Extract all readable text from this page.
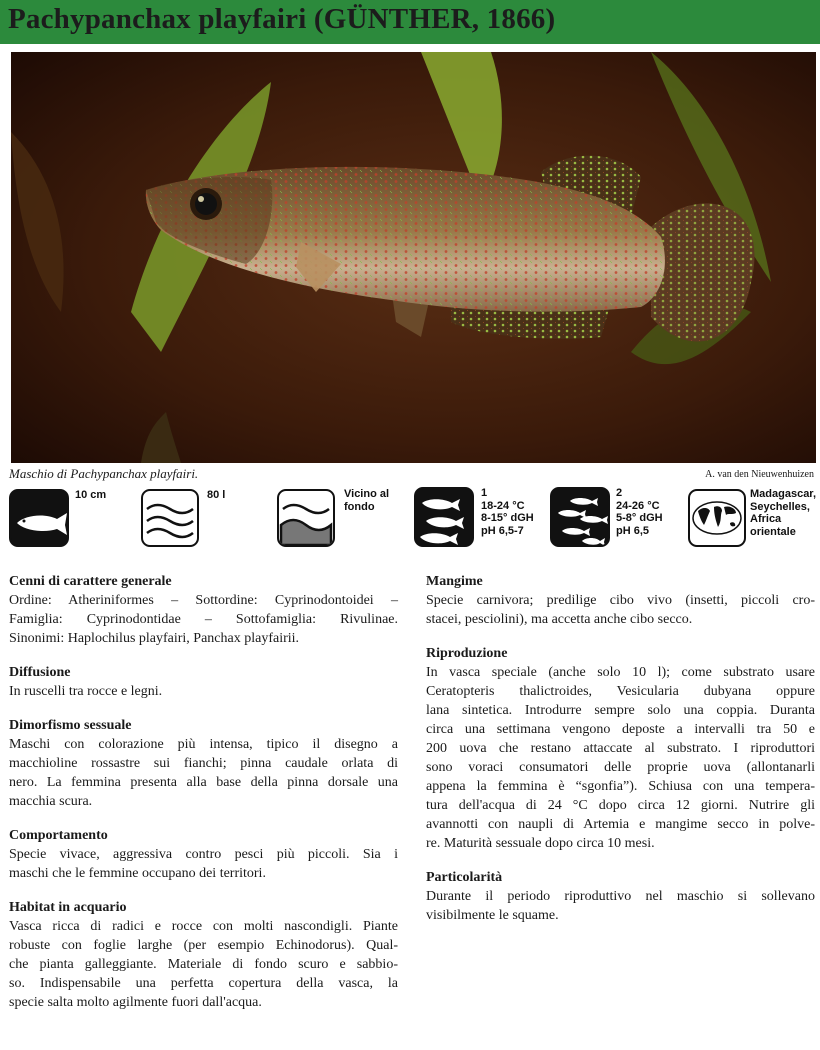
Pachypanchax playfairi (GÜNTHER, 1866)
Maschio di Pachypanchax playfairi.	A. van den Nieuwenhuizen
10 cm	80 l	Vicino al
fondo
1
18-24 °C
8-15° dGH
pH 6,5-7
2
24-26 °C
5-8° dGH
pH 6,5
Madagascar,
Seychelles,
Africa
orientale
Cenni di carattere generale

Ordine: Atheriniformes – Sottordine: Cyprinodontoidei –
Famiglia: Cyprinodontidae – Sottofamiglia: Rivulinae.
Sinonimi: Haplochilus playfairi, Panchax playfairii.

Diffusione

In ruscelli tra rocce e legni.

Dimorfismo sessuale

Maschi con colorazione più intensa, tipico il disegno a
macchioline rossastre sui fianchi; pinna caudale orlata di
nero. La femmina presenta alla base della pinna dorsale una
macchia scura.

Comportamento

Specie vivace, aggressiva contro pesci più piccoli. Sia i
maschi che le femmine occupano dei territori.

Habitat in acquario

Vasca ricca di radici e rocce con molti nascondigli. Piante
robuste con foglie larghe (per esempio Echinodorus). Qual-
che pianta galleggiante. Materiale di fondo scuro e sabbio-
so. Indispensabile una perfetta copertura della vasca, la
specie salta molto agilmente fuori dall'acqua.

Mangime

Specie carnivora; predilige cibo vivo (insetti, piccoli cro-
stacei, pesciolini), ma accetta anche cibo secco.

Riproduzione

In vasca speciale (anche solo 10 l); come substrato usare
Ceratopteris thalictroides, Vesicularia dubyana oppure
lana sintetica. Introdurre sempre solo una coppia. Duranta
circa una settimana vengono deposte a intervalli tra 50 e
200 uova che restano attaccate al substrato. I riproduttori
sono voraci consumatori delle proprie uova (allontanarli
appena la femmina è “sgonfia”). Schiusa con una tempera-
tura dell'acqua di 24 °C dopo circa 12 giorni. Nutrire gli
avannotti con naupli di Artemia e mangime secco in polve-
re. Maturità sessuale dopo circa 10 mesi.

Particolarità

Durante il periodo riproduttivo nel maschio si sollevano
visibilmente le squame.
